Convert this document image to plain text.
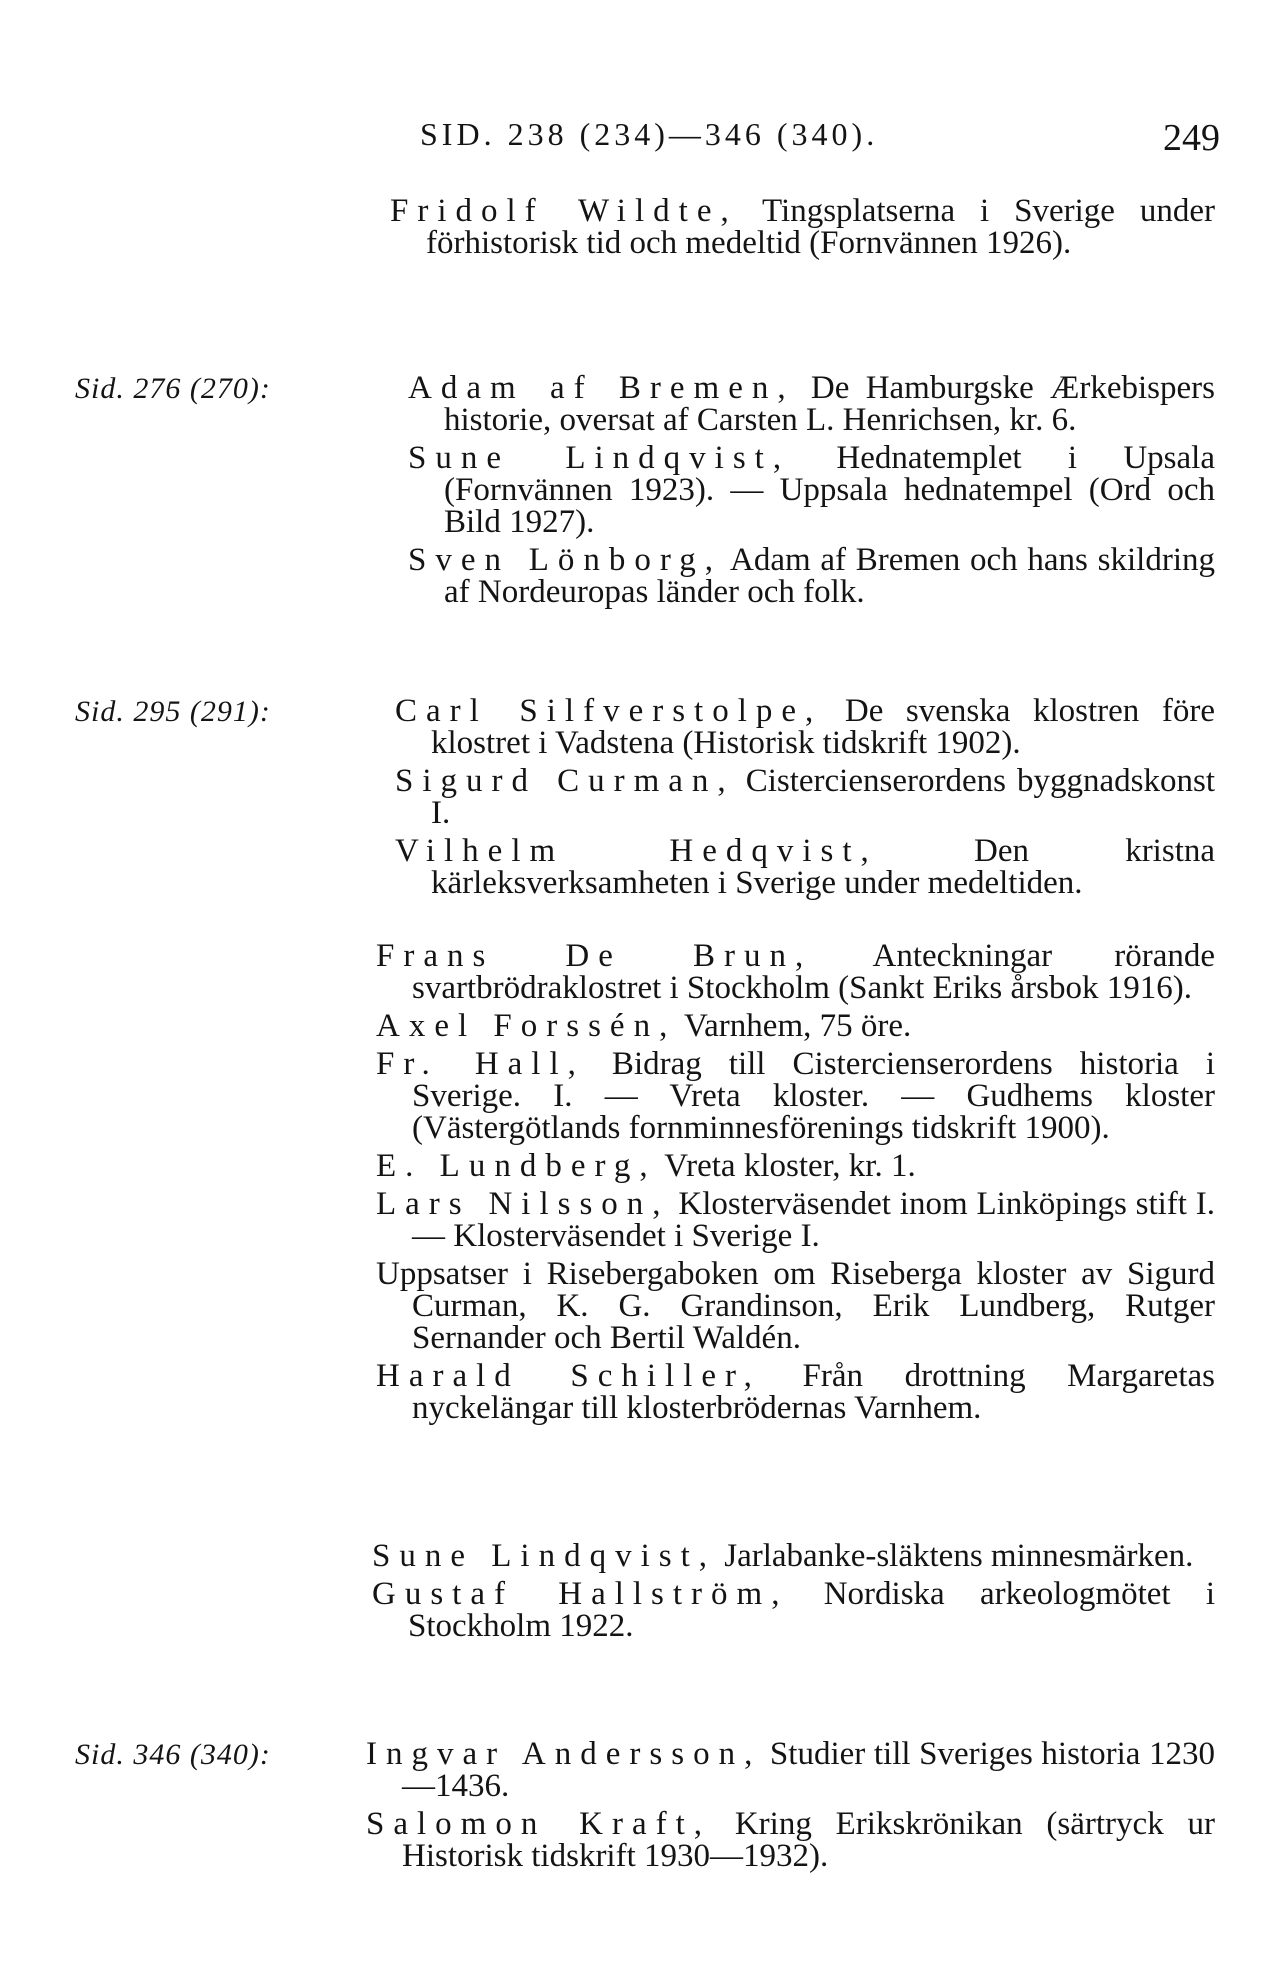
SID. 238 (234)—346 (340).	249
Fridolf Wildte, Tingsplatserna i Sverige under förhistorisk tid och medeltid (Fornvännen 1926).
Sid. 276 (270):	Adam af Bremen, De Hamburgske Ærkebispers historie, oversat af Carsten L. Henrichsen, kr. 6.
Sune Lindqvist, Hednatemplet i Upsala (Fornvännen 1923). — Uppsala hednatempel (Ord och Bild 1927).
Sven Lönborg, Adam af Bremen och hans skildring af Nordeuropas länder och folk.
Sid. 295 (291):	Carl Silfverstolpe, De svenska klostren före klostret i Vadstena (Historisk tidskrift 1902).
Sigurd Curman, Cistercienserordens byggnadskonst I.
Vilhelm Hedqvist, Den kristna kärleksverksamheten i Sverige under medeltiden.
Frans De Brun, Anteckningar rörande svartbrödraklostret i Stockholm (Sankt Eriks årsbok 1916).
Axel Forssén, Varnhem, 75 öre.
Fr. Hall, Bidrag till Cistercienserordens historia i Sverige. I. — Vreta kloster. — Gudhems kloster (Västergötlands fornminnesförenings tidskrift 1900).
E. Lundberg, Vreta kloster, kr. 1.
Lars Nilsson, Klosterväsendet inom Linköpings stift I. — Klosterväsendet i Sverige I.
Uppsatser i Risebergaboken om Riseberga kloster av Sigurd Curman, K. G. Grandinson, Erik Lundberg, Rutger Sernander och Bertil Waldén.
Harald Schiller, Från drottning Margaretas nyckelängar till klosterbrödernas Varnhem.
Sune Lindqvist, Jarlabanke-släktens minnesmärken.
Gustaf Hallström, Nordiska arkeologmötet i Stockholm 1922.
Sid. 346 (340):	Ingvar Andersson, Studier till Sveriges historia 1230—1436.
Salomon Kraft, Kring Erikskrönikan (särtryck ur Historisk tidskrift 1930—1932).
